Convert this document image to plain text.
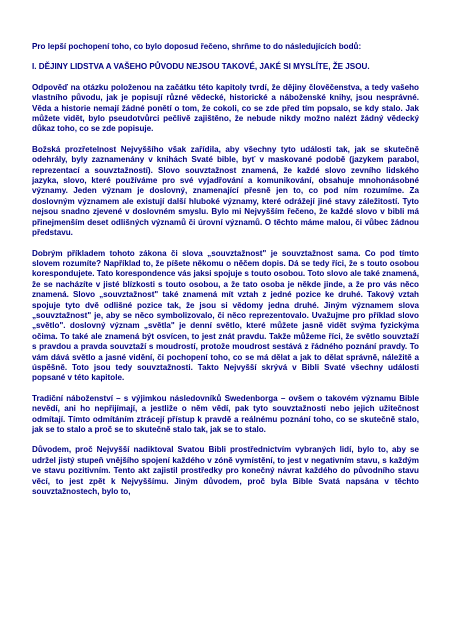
Pro lepší pochopení toho, co bylo doposud řečeno, shrňme to do následujících bodů:

I. DĚJINY LIDSTVA A VAŠEHO PŮVODU NEJSOU TAKOVÉ, JAKÉ SI MYSLÍTE, ŽE JSOU.

Odpověď na otázku položenou na začátku této kapitoly tvrdí, že dějiny člověčenstva, a tedy vašeho vlastního původu, jak je popisují různé vědecké, historické a náboženské knihy, jsou nesprávné. Věda a historie nemají žádné ponětí o tom, že cokoli, co se zde před tím popsalo, se kdy stalo. Jak můžete vidět, bylo pseudotvůrci pečlivě zajištěno, že nebude nikdy možno nalézt žádný vědecký důkaz toho, co se zde popisuje.

Božská prozřetelnost Nejvyššího však zařídila, aby všechny tyto události tak, jak se skutečně odehrály, byly zaznamenány v knihách Svaté bible, byť v maskované podobě (jazykem parabol, reprezentací a souvztažností). Slovo souvztažnost znamená, že každé slovo zevního lidského jazyka, slovo, které používáme pro své vyjadřování a komunikování, obsahuje mnohonásobné významy. Jeden význam je doslovný, znamenající přesně jen to, co pod ním rozumíme. Za doslovným významem ale existují další hluboké významy, které odrážejí jiné stavy záležitostí. Tyto nejsou snadno zjevené v doslovném smyslu. Bylo mi Nejvyšším řečeno, že každé slovo v bibli má přinejmenším deset odlišných významů či úrovní významů. O těchto máme malou, či vůbec žádnou představu.

Dobrým příkladem tohoto zákona či slova „souvztažnost" je souvztažnost sama. Co pod tímto slovem rozumíte? Například to, že píšete někomu o něčem dopis. Dá se tedy říci, že s touto osobou korespondujete. Tato korespondence vás jaksi spojuje s touto osobou. Toto slovo ale také znamená, že se nacházíte v jisté blízkosti s touto osobou, a že tato osoba je někde jinde, a že pro vás něco znamená. Slovo „souvztažnost" také znamená mít vztah z jedné pozice ke druhé. Takový vztah spojuje tyto dvě odlišné pozice tak, že jsou si vědomy jedna druhé. Jiným významem slova „souvztažnost" je, aby se něco symbolizovalo, či něco reprezentovalo. Uvažujme pro příklad slovo „světlo". doslovný význam „světla" je denní světlo, které můžete jasně vidět svýma fyzickýma očima. To také ale znamená být osvícen, to jest znát pravdu. Takže můžeme říci, že světlo souvztaží s pravdou a pravda souvztaží s moudrostí, protože moudrost sestává z řádného poznání pravdy. To vám dává světlo a jasné vidění, či pochopení toho, co se má dělat a jak to dělat správně, náležitě a úspěšně. Toto jsou tedy souvztažnosti. Takto Nejvyšší skrývá v Bibli Svaté všechny události popsané v této kapitole.

Tradiční náboženství – s výjimkou následovníků Swedenborga – ovšem o takovém významu Bible nevědí, ani ho nepřijímají, a jestliže o něm vědí, pak tyto souvztažnosti nebo jejich užitečnost odmítají. Tímto odmítáním ztrácejí přístup k pravdě a reálnému poznání toho, co se skutečně stalo, jak se to stalo a proč se to skutečně stalo tak, jak se to stalo.

Důvodem, proč Nejvyšší nadiktoval Svatou Bibli prostřednictvím vybraných lidí, bylo to, aby se udržel jistý stupeň vnějšího spojení každého v zóně vymístění, to jest v negativním stavu, s každým ve stavu pozitivním. Tento akt zajistil prostředky pro konečný návrat každého do původního stavu věcí, to jest zpět k Nejvyššímu. Jiným důvodem, proč byla Bible Svatá napsána v těchto souvztažnostech, bylo to,
